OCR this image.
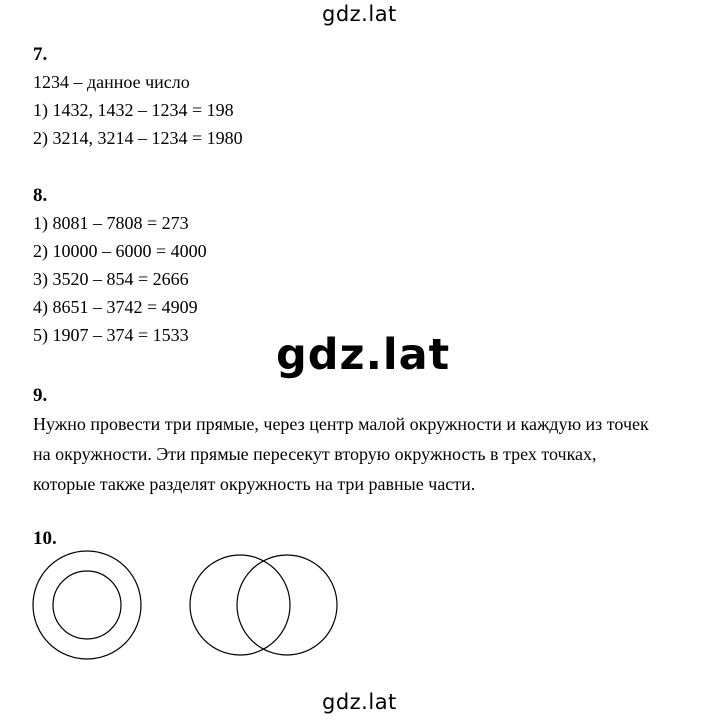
gdz.lat
7.
1234 – данное число
1) 1432, 1432 – 1234 = 198
2) 3214, 3214 – 1234 = 1980
8.
1) 8081 – 7808 = 273
2) 10000 – 6000 = 4000
3) 3520 – 854 = 2666
4) 8651 – 3742 = 4909
5) 1907 – 374 = 1533	gdz.lat
9.
Нужно провести три прямые, через центр малой окружности и каждую из точек
на окружности. Эти прямые пересекут вторую окружность в трех точках,
которые также разделят окружность на три равные части.
10.
gdz.lat
